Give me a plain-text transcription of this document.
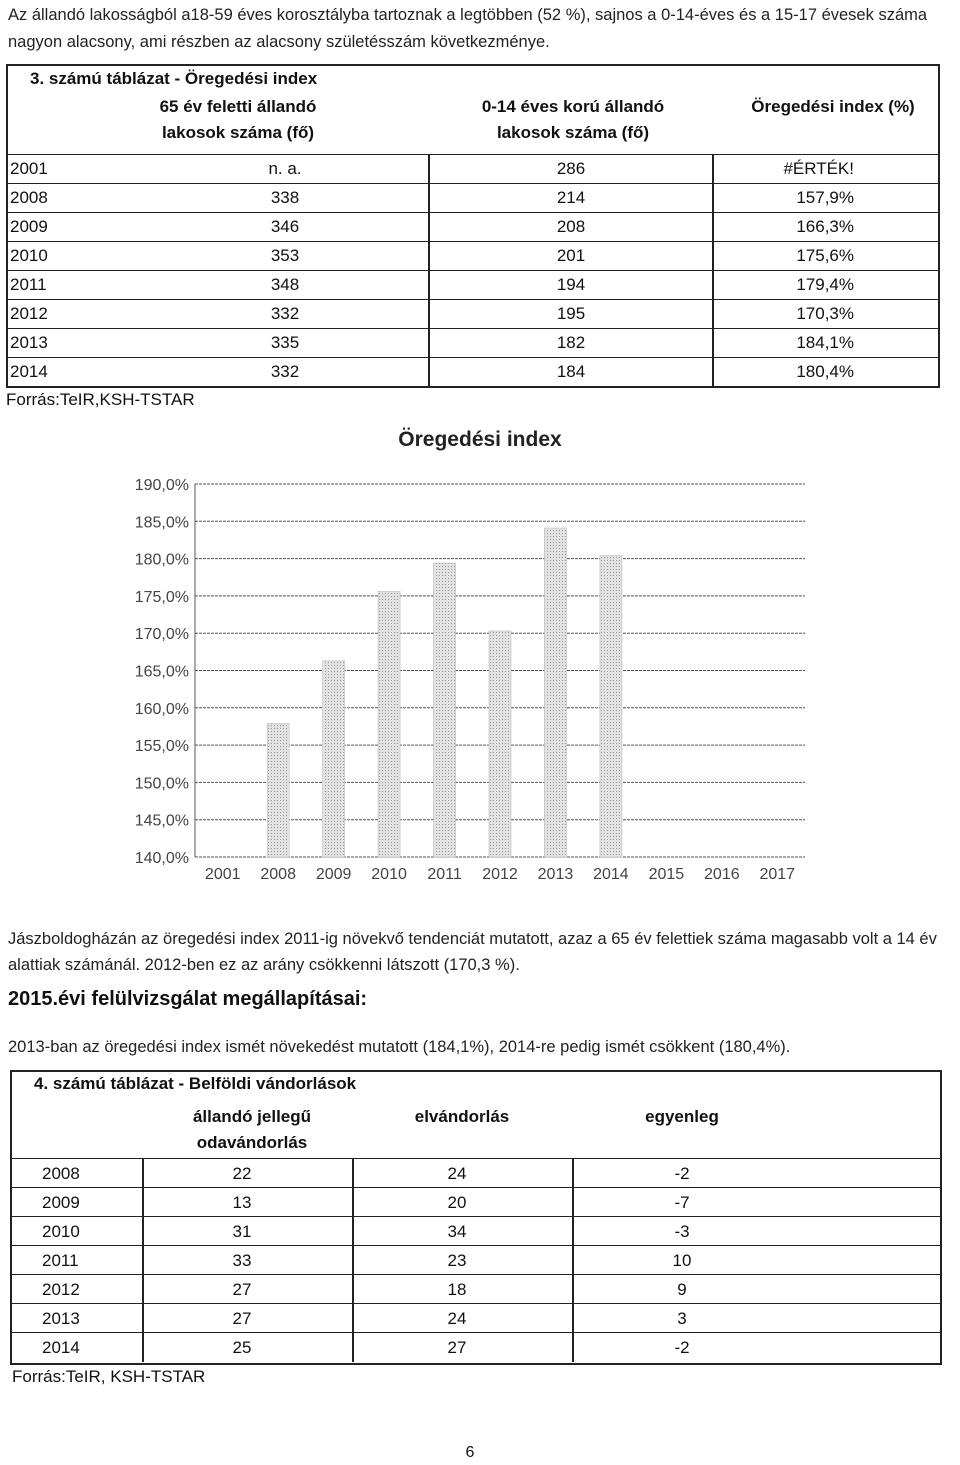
Az állandó lakosságból a18-59 éves korosztályba tartoznak a legtöbben (52 %), sajnos a 0-14-éves és a 15-17 évesek száma nagyon alacsony, ami részben az alacsony születésszám következménye.
3. számú táblázat - Öregedési index
65 év feletti állandó lakosok száma (fő)
0-14 éves korú állandó lakosok száma (fő)
Öregedési index (%)
2001	n. a.	286	#ÉRTÉK!
2008	338	214	157,9%
2009	346	208	166,3%
2010	353	201	175,6%
2011	348	194	179,4%
2012	332	195	170,3%
2013	335	182	184,1%
2014	332	184	180,4%
Forrás:TeIR,KSH-TSTAR
Öregedési index
140,0%
145,0%
150,0%
155,0%
160,0%
165,0%
170,0%
175,0%
180,0%
185,0%
190,0%
2001 2008 2009 2010 2011 2012 2013 2014 2015 2016 2017
Jászboldogházán az öregedési index 2011-ig növekvő tendenciát mutatott, azaz a 65 év felettiek száma magasabb volt a 14 év alattiak számánál. 2012-ben ez az arány csökkenni látszott (170,3 %).
2015.évi felülvizsgálat megállapításai:
2013-ban az öregedési index ismét növekedést mutatott (184,1%), 2014-re pedig ismét csökkent (180,4%).
4. számú táblázat - Belföldi vándorlások
állandó jellegű odavándorlás
elvándorlás	egyenleg
2008	22	24	-2
2009	13	20	-7
2010	31	34	-3
2011	33	23	10
2012	27	18	9
2013	27	24	3
2014	25	27	-2
Forrás:TeIR, KSH-TSTAR
6
